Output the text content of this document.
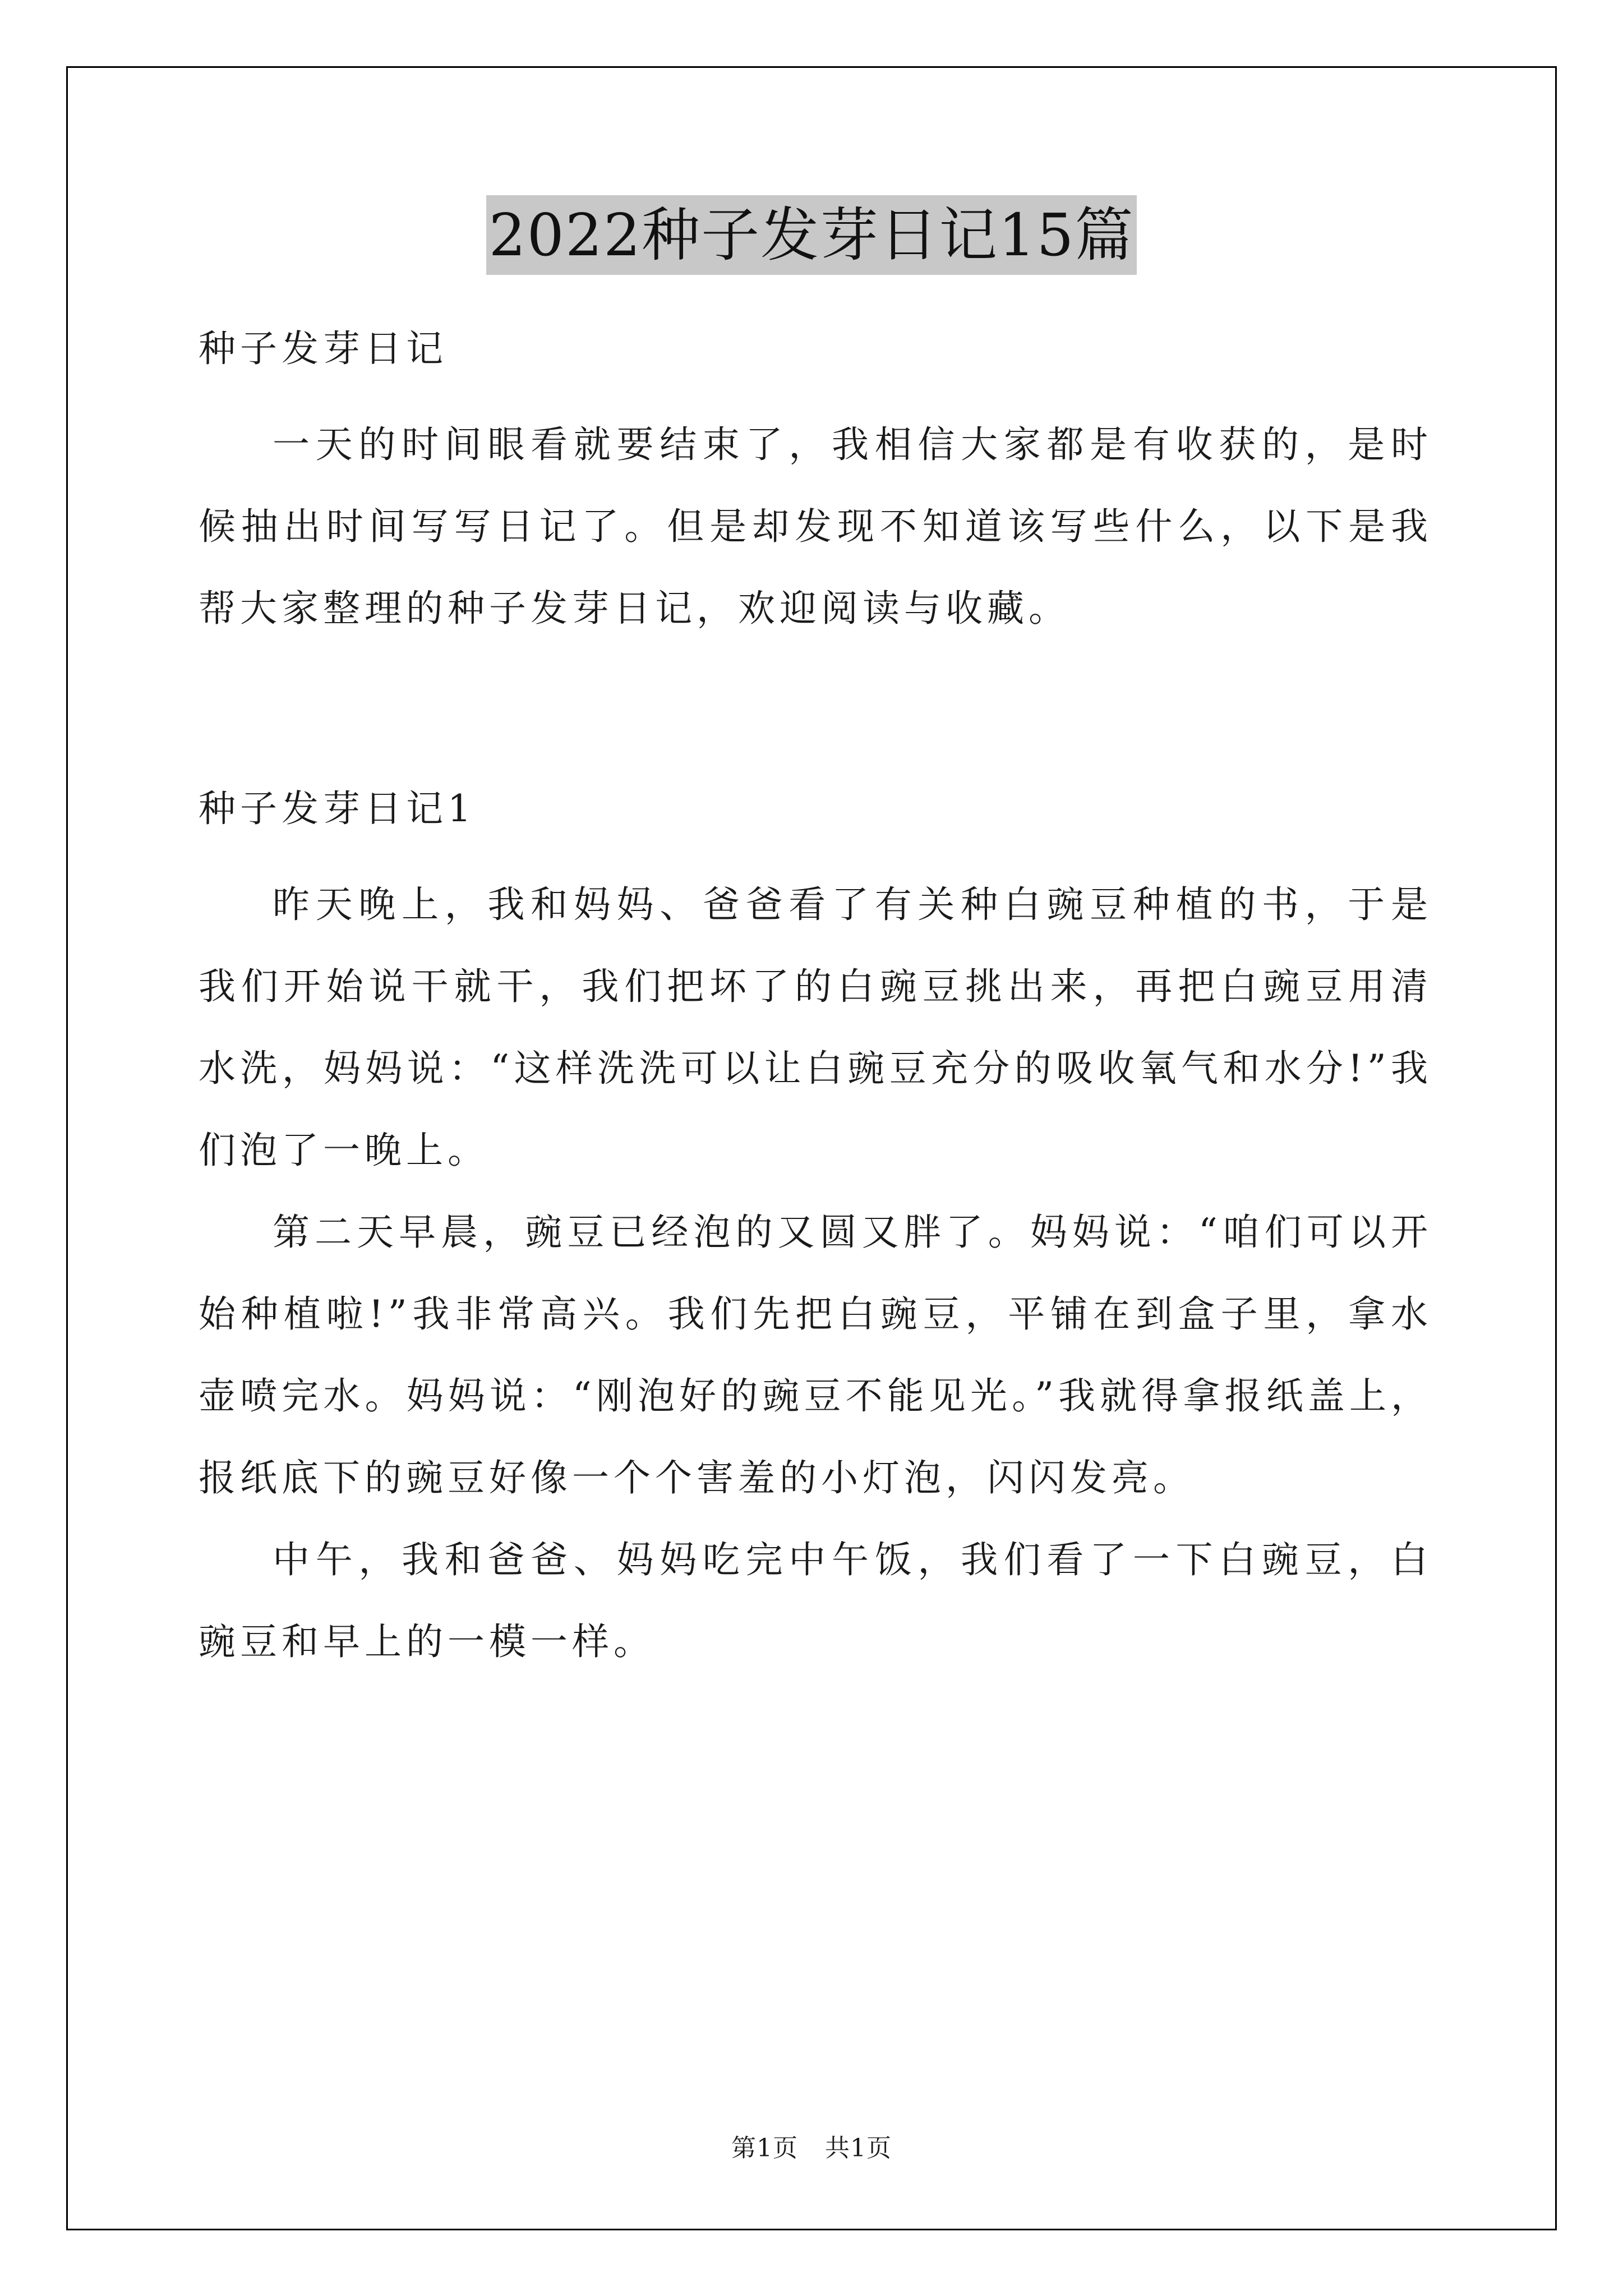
2022种子发芽日记15篇

种子发芽日记

一天的时间眼看就要结束了，我相信大家都是有收获的，是时候抽出时间写写日记了。但是却发现不知道该写些什么，以下是我帮大家整理的种子发芽日记，欢迎阅读与收藏。

种子发芽日记1

昨天晚上，我和妈妈、爸爸看了有关种白豌豆种植的书，于是我们开始说干就干，我们把坏了的白豌豆挑出来，再把白豌豆用清水洗，妈妈说：“这样洗洗可以让白豌豆充分的吸收氧气和水分!”我们泡了一晚上。

第二天早晨，豌豆已经泡的又圆又胖了。妈妈说：“咱们可以开始种植啦!”我非常高兴。我们先把白豌豆，平铺在到盒子里，拿水壶喷完水。妈妈说：“刚泡好的豌豆不能见光。”我就得拿报纸盖上，报纸底下的豌豆好像一个个害羞的小灯泡，闪闪发亮。

中午，我和爸爸、妈妈吃完中午饭，我们看了一下白豌豆，白豌豆和早上的一模一样。

第1页 共1页
